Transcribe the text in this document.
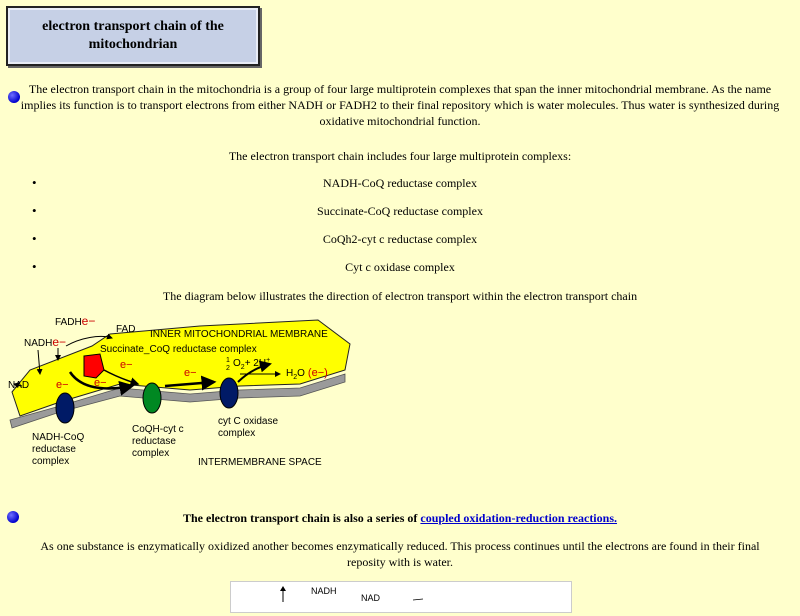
electron transport chain of the mitochondrian
The electron transport chain in the mitochondria is a group of four large multiprotein complexes that span the inner mitochondrial membrane. As the name implies its function is to transport electrons from either NADH or FADH2 to their final repository which is water molecules. Thus water is synthesized during oxidative mitochondrial function.
The electron transport chain includes four large multiprotein complexs:
•	NADH-CoQ reductase complex
•	Succinate-CoQ reductase complex
•	CoQh2-cyt c reductase complex
•	Cyt c oxidase complex
The diagram below illustrates the direction of electron transport within the electron transport chain
FADHe−
FAD INNER MITOCHONDRIAL MEMBRANE
NADHe−
Succinate_CoQ reductase complex
1
2 $O_2+ 2H^+$
e−
e−
e− e−
$H_2O$ (e−)
NAD
NADH-CoQ reductase complex
CoQH-cyt c reductase complex
cyt C oxidase complex
INTERMEMBRANE SPACE
The electron transport chain is also a series of coupled oxidation-reduction reactions.
As one substance is enzymatically oxidized another becomes enzymatically reduced. This process continues until the electrons are found in their final reposity with is water.
NADH
NAD
